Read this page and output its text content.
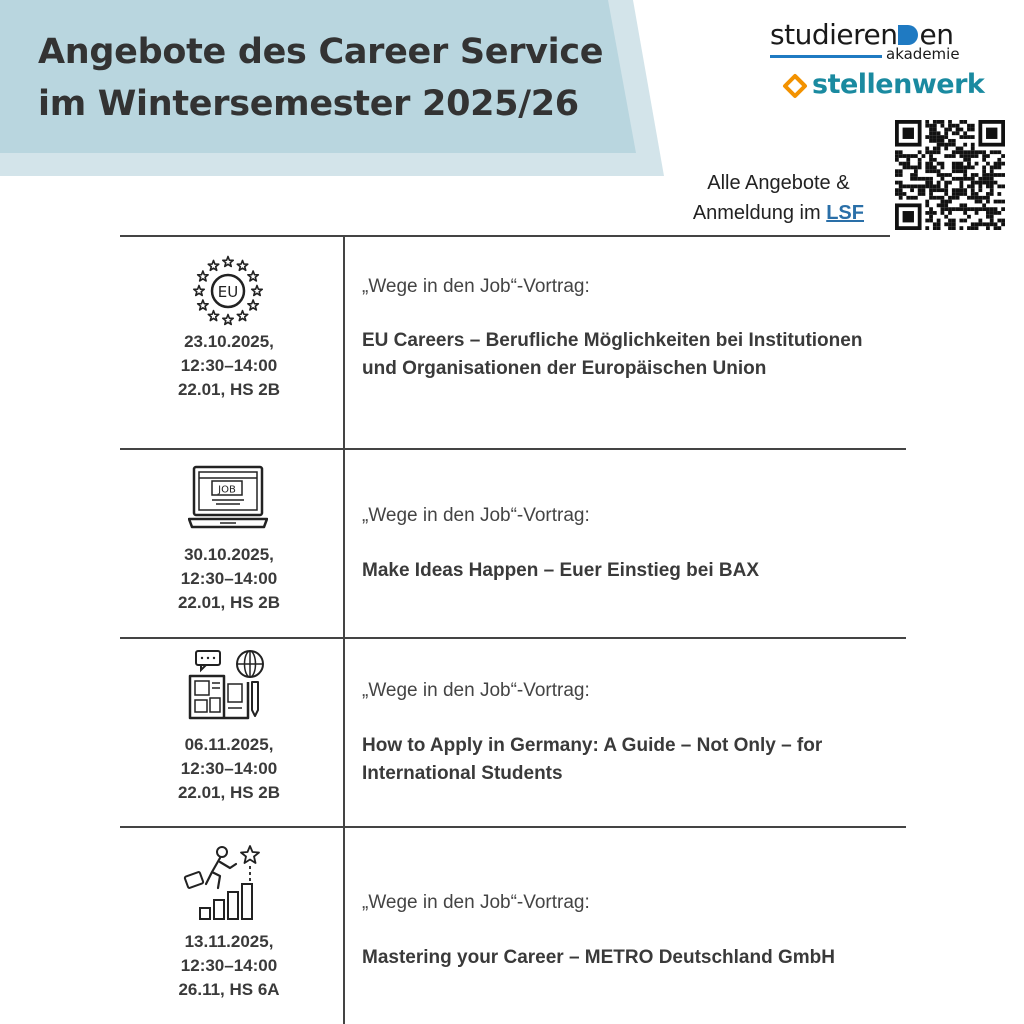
Angebote des Career Service
im Wintersemester 2025/26
studieren en
akademie
stellenwerk
Alle Angebote &
Anmeldung im LSF
EU
23.10.2025,
12:30–14:00
22.01, HS 2B
„Wege in den Job“-Vortrag:
EU Careers – Berufliche Möglichkeiten bei Institutionen und Organisationen der Europäischen Union
JOB
30.10.2025,
12:30–14:00
22.01, HS 2B
„Wege in den Job“-Vortrag:
Make Ideas Happen – Euer Einstieg bei BAX
06.11.2025,
12:30–14:00
22.01, HS 2B
„Wege in den Job“-Vortrag:
How to Apply in Germany: A Guide – Not Only – for International Students
13.11.2025,
12:30–14:00
26.11, HS 6A
„Wege in den Job“-Vortrag:
Mastering your Career – METRO Deutschland GmbH
